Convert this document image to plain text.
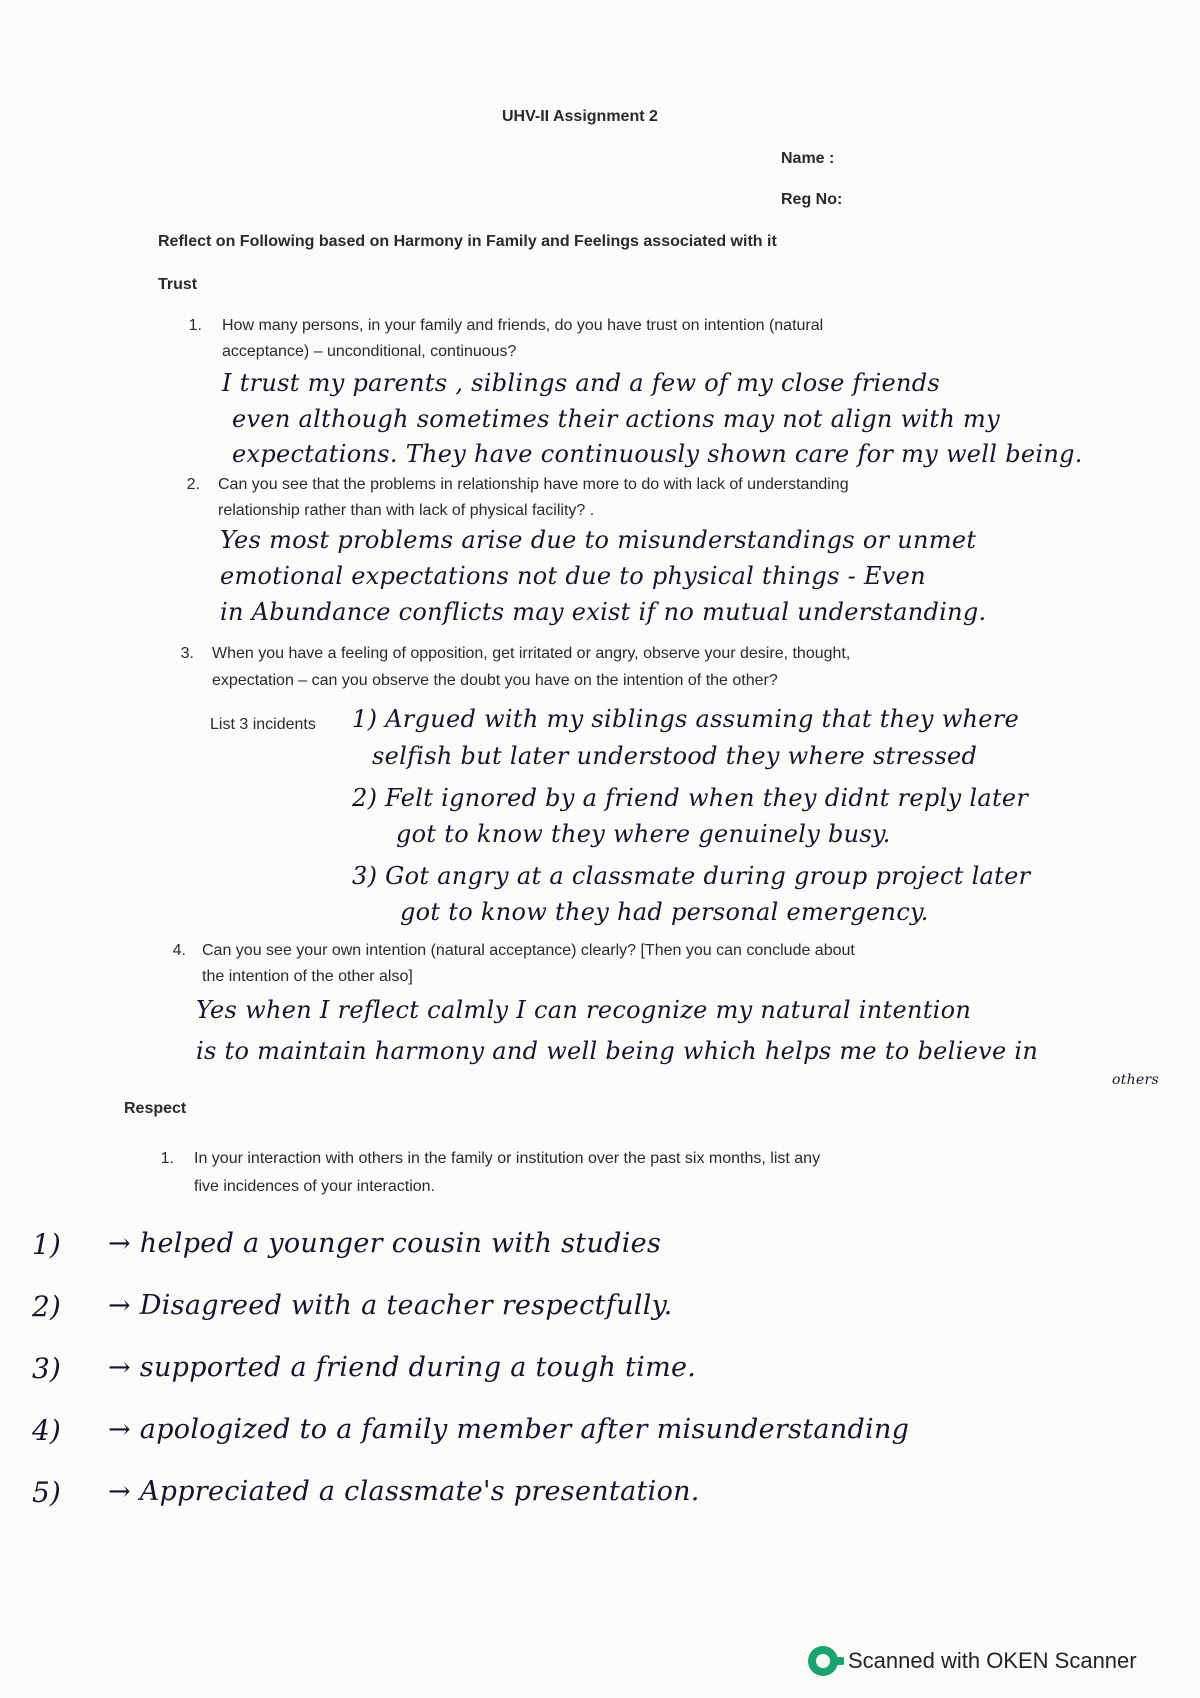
UHV-II Assignment 2
Name :
Reg No:
Reflect on Following based on Harmony in Family and Feelings associated with it
Trust
1. How many persons, in your family and friends, do you have trust on intention (natural
acceptance) – unconditional, continuous?
I trust my parents , siblings and a few of my close friends
even although sometimes their actions may not align with my
expectations. They have continuously shown care for my well being.
2. Can you see that the problems in relationship have more to do with lack of understanding
relationship rather than with lack of physical facility? .
Yes most problems arise due to misunderstandings or unmet
emotional expectations not due to physical things - Even
in Abundance conflicts may exist if no mutual understanding.
3. When you have a feeling of opposition, get irritated or angry, observe your desire, thought,
expectation – can you observe the doubt you have on the intention of the other?
List 3 incidents 1) Argued with my siblings assuming that they where
selfish but later understood they where stressed
2) Felt ignored by a friend when they didnt reply later
got to know they where genuinely busy.
3) Got angry at a classmate during group project later
got to know they had personal emergency.
4. Can you see your own intention (natural acceptance) clearly? [Then you can conclude about
the intention of the other also]
Yes when I reflect calmly I can recognize my natural intention
is to maintain harmony and well being which helps me to believe in
others
Respect
1. In your interaction with others in the family or institution over the past six months, list any
five incidences of your interaction.
1) → helped a younger cousin with studies
2) → Disagreed with a teacher respectfully.
3) → supported a friend during a tough time.
4) → apologized to a family member after misunderstanding
5) → Appreciated a classmate's presentation.
Scanned with OKEN Scanner
